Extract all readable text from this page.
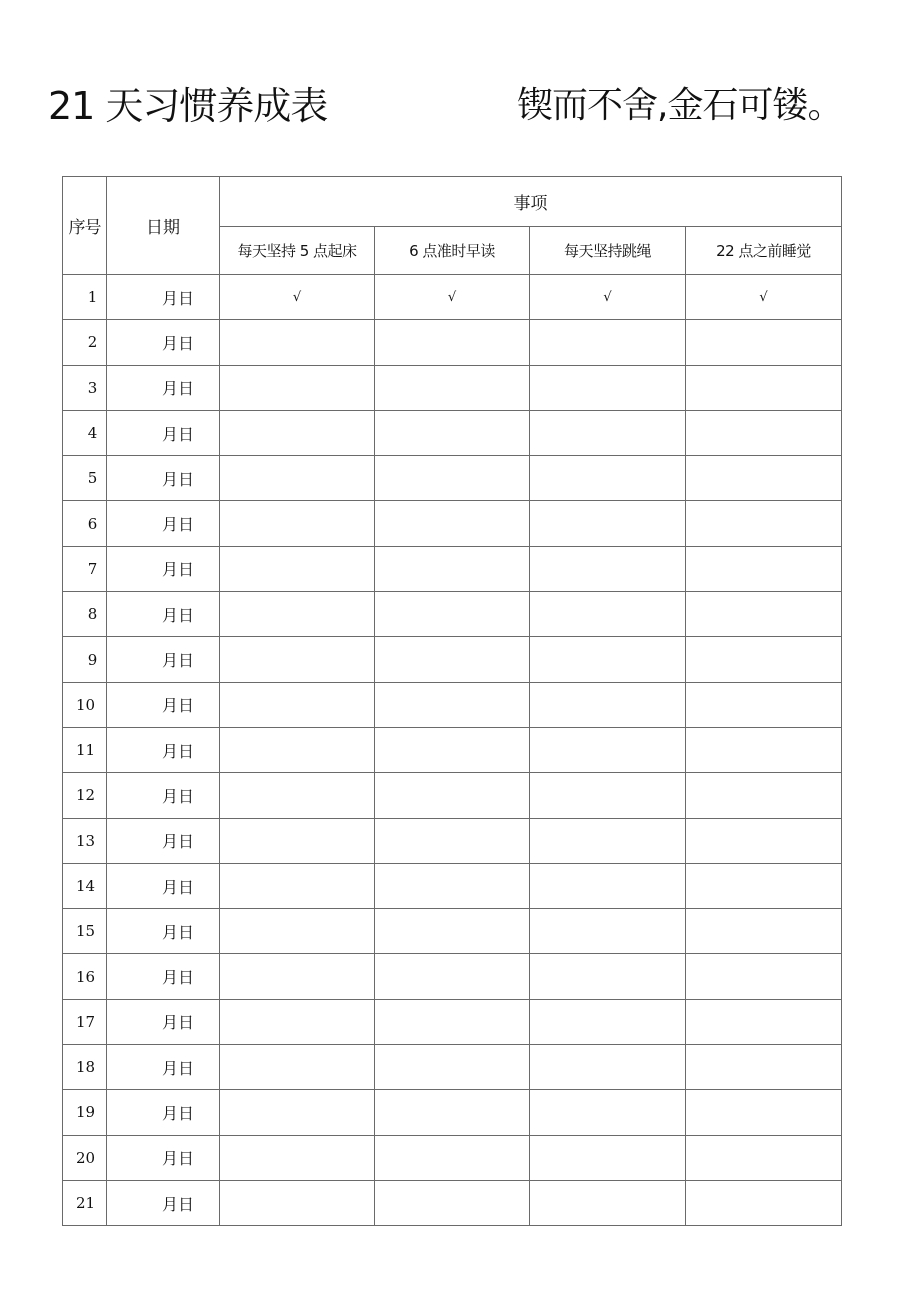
21 天习惯养成表	锲而不舍,金石可镂。
序号	日期	事项			
		每天坚持 5 点起床	6 点准时早读	每天坚持跳绳	22 点之前睡觉
1	月日	√	√	√	√
2	月日				
3	月日				
4	月日				
5	月日				
6	月日				
7	月日				
8	月日				
9	月日				
10	月日				
11	月日				
12	月日				
13	月日				
14	月日				
15	月日				
16	月日				
17	月日				
18	月日				
19	月日				
20	月日				
21	月日				
